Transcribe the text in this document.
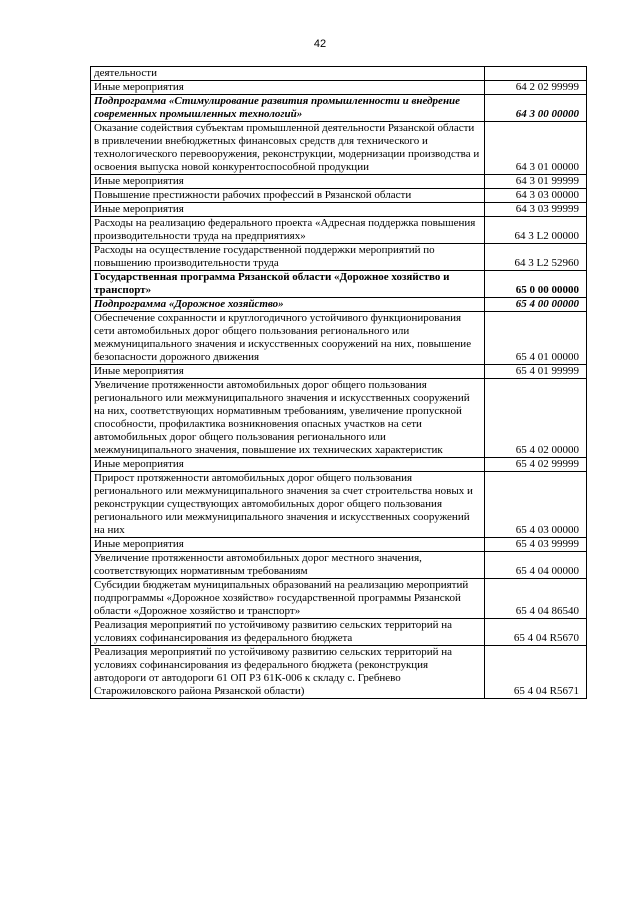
42
деятельности	
Иные мероприятия	64 2 02 99999
Подпрограмма «Стимулирование развития промышленности и внедрение современных промышленных технологий»	64 3 00 00000
Оказание содействия субъектам промышленной деятельности Рязанской области в привлечении внебюджетных финансовых средств для технического и технологического перевооружения, реконструкции, модернизации производства и освоения выпуска новой конкурентоспособной продукции	64 3 01 00000
Иные мероприятия	64 3 01 99999
Повышение престижности рабочих профессий в Рязанской области	64 3 03 00000
Иные мероприятия	64 3 03 99999
Расходы на реализацию федерального проекта «Адресная поддержка повышения производительности труда на предприятиях»	64 3 L2 00000
Расходы на осуществление государственной поддержки мероприятий по повышению производительности труда	64 3 L2 52960
Государственная программа Рязанской области «Дорожное хозяйство и транспорт»	65 0 00 00000
Подпрограмма «Дорожное хозяйство»	65 4 00 00000
Обеспечение сохранности и круглогодичного устойчивого функционирования сети автомобильных дорог общего пользования регионального или межмуниципального значения и искусственных сооружений на них, повышение безопасности дорожного движения	65 4 01 00000
Иные мероприятия	65 4 01 99999
Увеличение протяженности автомобильных дорог общего пользования регионального или межмуниципального значения и искусственных сооружений на них, соответствующих нормативным требованиям, увеличение пропускной способности, профилактика возникновения опасных участков на сети автомобильных дорог общего пользования регионального или межмуниципального значения, повышение их технических характеристик	65 4 02 00000
Иные мероприятия	65 4 02 99999
Прирост протяженности автомобильных дорог общего пользования регионального или межмуниципального значения за счет строительства новых и реконструкции существующих автомобильных дорог общего пользования регионального или межмуниципального значения и искусственных сооружений на них	65 4 03 00000
Иные мероприятия	65 4 03 99999
Увеличение протяженности автомобильных дорог местного значения, соответствующих нормативным требованиям	65 4 04 00000
Субсидии бюджетам муниципальных образований на реализацию мероприятий подпрограммы «Дорожное хозяйство» государственной программы Рязанской области «Дорожное хозяйство и транспорт»	65 4 04 86540
Реализация мероприятий по устойчивому развитию сельских территорий на условиях софинансирования из федерального бюджета	65 4 04 R5670
Реализация мероприятий по устойчивому развитию сельских территорий на условиях софинансирования из федерального бюджета (реконструкция автодороги от автодороги 61 ОП РЗ 61К-006 к складу с. Гребнево Старожиловского района Рязанской области)	65 4 04 R5671
